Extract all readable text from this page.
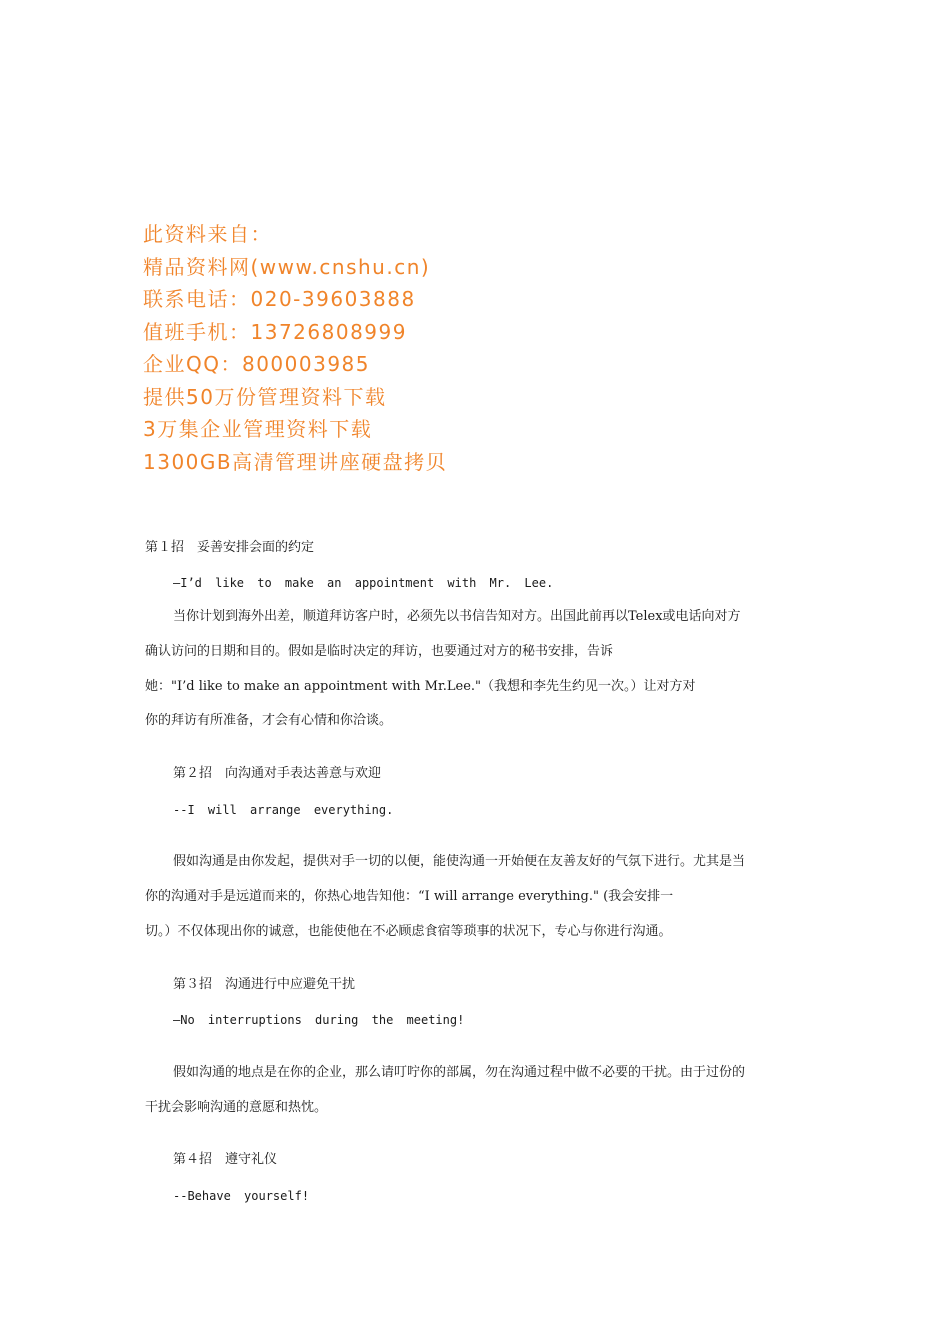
此资料来自：
精品资料网(www.cnshu.cn)
联系电话：020-39603888
值班手机：13726808999
企业QQ：800003985
提供50万份管理资料下载
3万集企业管理资料下载
1300GB高清管理讲座硬盘拷贝
第１招　妥善安排会面的约定
—I’d like to make an appointment with Mr. Lee.
当你计划到海外出差，顺道拜访客户时，必须先以书信告知对方。出国此前再以Telex或电话向对方
确认访问的日期和目的。假如是临时决定的拜访，也要通过对方的秘书安排，告诉
她："I’d like to make an appointment with Mr.Lee."（我想和李先生约见一次。）让对方对
你的拜访有所准备，才会有心情和你洽谈。
第２招　向沟通对手表达善意与欢迎
--I will arrange everything.
假如沟通是由你发起，提供对手一切的以便，能使沟通一开始便在友善友好的气氛下进行。尤其是当
你的沟通对手是远道而来的，你热心地告知他：“I will arrange everything." (我会安排一
切。）不仅体现出你的诚意，也能使他在不必顾虑食宿等琐事的状况下，专心与你进行沟通。
第３招　沟通进行中应避免干扰
—No interruptions during the meeting!
假如沟通的地点是在你的企业，那么请叮咛你的部属，勿在沟通过程中做不必要的干扰。由于过份的
干扰会影响沟通的意愿和热忱。
第４招　遵守礼仪
--Behave yourself!
